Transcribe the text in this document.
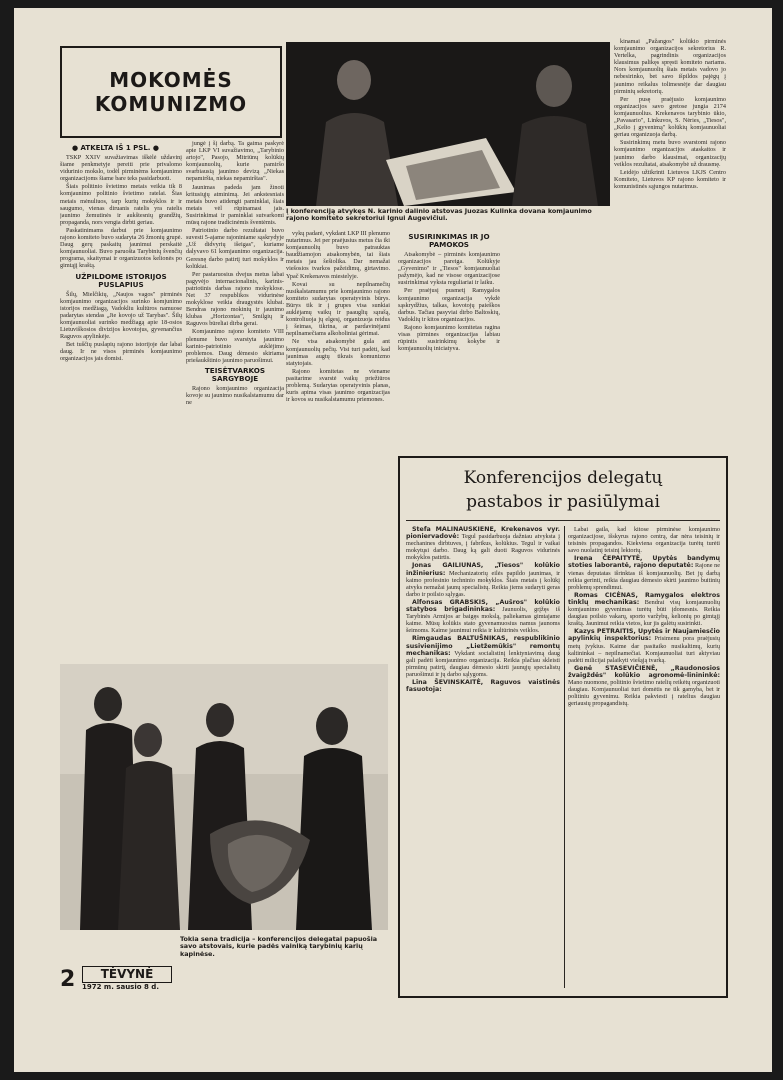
MOKOMĖS
KOMUNIZMO
● ATKELTA IŠ 1 PSL. ●

TSKP XXIV suvažiavimas iškėlė uždavinį šiame penkmetyje pereiti prie privalomo vidurinio mokslo, todėl pirminėms komjaunimo organizacijoms šiame bare teks pasidarbuoti.

Šiais politinio švietimo metais veikia tik 8 komjaunimo politinio švietimo ratelai. Šias metais mėnuliuos, tarp kurių mokyklos ir ir saugumo, vienas diruanis ratelis yra ratelis jaunimo žemutinės ir aukštesnių grandžių, propaganda, nors vengia dirbti geriau.

Paskatinimams darbui prie komjaunimo rajono komiteto buvo sudaryta 26 žmonių grupė. Daug gerų paskaitų jaunimui perskaitė komjaunuoliai. Buvo paruošta Tarybinių švenčių programa, skaitymai ir organizuotos kelionės po gimtąjį kraštą.

UŽPILDOME ISTORIJOS PUSLAPIUS

Šilų, Mielčikių, „Naujos vagos" pirminės komjaunimo organizacijos surinko komjunimo istorijos medžiagą, Vadokliu kultūros namuose padarytas stendas „Jie kovojo už Tarybas". Šilų komjaunuoliai surinko medžiagą apie 18-osios Lietuviškosios divizijos kovotojus, gyvenančius Raguvos apylinkėje.

Bet tuščių puslapių rajono istorijoje dar labai daug. Ir ne visos pirminės komjaunimo organizacijos jais domisi.

jungė į šį darbą. Ta gaima paskyrė apie LKP VI suvažiavimo, „Tarybinio artojo", Pasojo, Mitriūnų kolūkių komjaunuolių, kurie pamiršo svarbiausią jaunimo devizą „Niekas nepamiršta, niekas nepamirštas".

Jaunimas padeda jam žinoti kritusiųjų atminimą. Jei ankstesniais metais buvo atidengti paminklai, šiais metais vėl rūpinamasi jais. Susirinkimai ir paminklai sutvarkomi mūsų rajone tradicinėmis šventėmis.

Patriotinio darbo rezultatai buvo suvesti 5-ajame rajoniniame sąskrydyje „Už didvyrių išeigas", kuriame dalyvavo 61 komjaunimo organizacija. Geresnę darbo patirtį turi mokyklos ir kolūkiai.

Per pastaruosius dvejus metus labai pagyvėjo internacionalinis, karinis-patriotinis darbas rajono mokyklose. Net 37 respublikos vidurinėse mokyklose veikia draugystės klubai. Bendras rajono mokinių ir jaunimo klubas „Horizontas", Smilgių ir Raguvos būreliai dirba gerai.

Komjaunimo rajono komiteto VIII plenume buvo svarstyta jaunimo karinio-patriotinio auklėjimo problemos. Daug dėmesio skiriama priešaukštinio jaunimo paruošimui.

TEISĖTVARKOS SARGYBOJE

Rajono komjaunimo organizacija kovoje su jaunimo nusikalstamumu dar ne

Į konferenciją atvykęs N. karinio dalinio atstovas Juozas Kulinka dovana komjaunimo rajono komiteto sekretoriui Ignui Augevičiui.

vykų padarė, vykdant LKP III plenumo nutarimus. Jei per praėjusius metus čia iki komjaunuolių buvo patrauktas baudžiamojon atsakomybėn, tai šiais metais jau šešiolika. Dar nemažai viešosios tvarkos pažeidimų, girtavimo. Ypač Krekenavos miestelyje.

Kovai su nepilnamečių nusikalstamumu prie komjaunimo rajono komiteto sudarytas operatyvinis būrys. Būrys tik ir į grupes visa sunkiai auklėjamų vaikų ir paauglių sąrašą, kontroliuoja jų elgesį, organizuoja reidus į šeimas, tikrina, ar pardavinėjami nepilnamečiams alkoholiniai gėrimai.

Ne visa atsakomybė gula ant komjaunuolių pečių. Visi turi padėti, kad jaunimas augtų tikrais komunizmo statytojais.

Rajono komitetas ne viename pasitarime svarstė vaikų priežiūros problemą. Sudarytas operatyvinis planas, kuris apima visas jaunimo organizacijas ir kovos su nusikalstamumu priemones.

SUSIRINKIMAS IR JO PAMOKOS

Atsakomybė – pirminės komjaunimo organizacijos pareiga. Kolūkyje „Gyvenimo" ir „Tiesos" komjaunuoliai pažymėjo, kad ne visose organizacijose susirinkimai vyksta reguliariai ir laiku.

Per praėjusį pusmetį Ramygalos komjaunimo organizacija vykdė sąskrydžius, talkas, kovotojų paieškos darbus. Tačiau pasyviai dirbo Baltoskių, Vadoklių ir kitos organizacijos.

Rajono komjaunimo komitetas ragina visas pirmines organizacijas labiau rūpintis susirinkimų kokybe ir komjaunuolių iniciatyva.

kinamai „Pažangos" kolūkio pirminės komjaunimo organizacijos sekretorius R. Vertelka, pagrindinis organizacijos klausimus palikęs spręsti komiteto nariams. Nors komjaunuolių šiais metais vadovo jo nebesirinko, bet savo išpildos pajėgų į jaunimo reikalus tolimesnėje dar daugiau pirminių sekretorių.

Per pusę praėjusio komjaunimo organizacijos savo gretose jungia 2174 komjaunuolius. Krekenavos tarybinio ūkio, „Pavasario", Linkuvos, S. Nėries, „Tiesos", „Kelio į gyvenimą" kolūkių komjaunuoliai geriau organizuoja darbą.

Susirinkimų metu buvo svarstomi rajono komjaunimo organizacijos ataskaitos ir jaunimo darbo klausimai, organizacijų veiklos rezultatai, atsakomybė už drausmę.

Leidėjo užtikrinti Lietuvos LKJS Centro Komiteto, Lietuvos KP rajono komiteto ir komunistinės sąjungos nutarimus.

Konferencijos delegatų
pastabos ir pasiūlymai

Stefa MALINAUSKIENĖ, Krekenavos vyr. pioniervadovė: Tegul pasidarbuoja dažniau atvyksta į mechanines dirbtuves, į fabrikus, kolūkius. Tegul ir vaikai mokytųsi darbo. Daug ką gali duoti Raguvos vidurinės mokyklos patirtis.

Jonas GAILIUNAS, „Tiesos" kolūkio inžinierius: Mechanizatorių eilės papildo jaunimas, ir kaimo profesinio techninio mokyklos. Šiais metais į kolūkį atvyks nemažai jaunų specialistų. Reikia jiems sudaryti geras darbo ir poilsio sąlygas.

Alfonsas GRABSKIS, „Aušros" kolūkio statybos brigadininkas: Jaunuolis, grįžęs iš Tarybinės Armijos ar baigęs mokslą, paliekamas gimtajame kaime. Mūsų kolūkis stato gyvenamuosius namus jaunoms šeimoms. Kaime jaunimui reikia ir kultūrinės veiklos.

Rimgaudas BALTUŠNIKAS, respublikinio susivienijimo „Lietžemūkis" remontų mechanikas: Vykdant socialistinį lenktyniavimą daug gali padėti komjaunimo organizacija. Reikia plačiau skleisti pirmūnų patirtį, daugiau dėmesio skirti jaunųjų specialistų paruošimui ir jų darbo sąlygoms.

Lina ŠEVINSKAITĖ, Raguvos vaistinės fasuotoja:

Labai gaila, kad kitose pirminėse komjaunimo organizacijose, išskyrus rajono centrą, dar nėra teisinių ir teisinės propagandos. Kiekviena organizacija turėtų turėti savo nuolatinį teisinį lektorių.

Irena ČEPAITYTĖ, Upytės bandymų stoties laborantė, rajono deputatė: Rajone ne vienas deputatas išrinktas iš komjaunuolių. Bet jų darbą reikia gerinti, reikia daugiau dėmesio skirti jaunimo buitinių problemų sprendimui.

Romas CICĖNAS, Ramygalos elektros tinklų mechanikas: Bendrai visų komjaunuolių komjaunimo gyvenimas turėtų būti įdomesnis. Reikia daugiau poilsio vakarų, sporto varžybų, kelionių po gimtąjį kraštą. Jaunimui reikia vietos, kur jis galėtų susirinkti.

Kazys PETRAITIS, Upytės ir Naujamiesčio apylinkių inspektorius: Prisimenu pora praėjusių metų įvykius. Kaime dar pasitaiko nusikaltimų, kurių kaltininkai – nepilnamečiai. Komjaunuoliai turi aktyviau padėti milicijai palaikyti viešąją tvarką.

Genė STASEVIČIENĖ, „Raudonosios žvaigždės" kolūkio agronomė-linininkė: Mano nuomone, politinio švietimo ratelių reikėtų organizuoti daugiau. Komjaunuoliai turi domėtis ne tik gamyba, bet ir politiniu gyvenimu. Reikia pakviesti į ratelius daugiau geriausių propagandistų.

Tokia sena tradicija – konferencijos delegatai papuošia savo atstovais, kurie padės vainiką tarybinių karių kapinėse.
2	TĖVYNĖ
1972 m. sausio 8 d.
